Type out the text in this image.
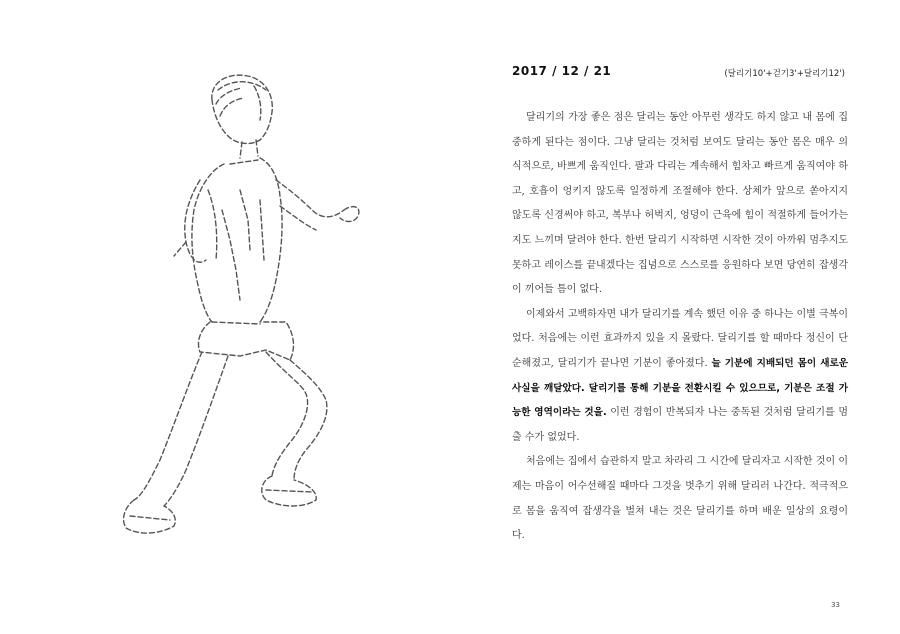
2017 / 12 / 21	(달리기10'+걷기3'+달리기12')

달리기의 가장 좋은 점은 달리는 동안 아무런 생각도 하지 않고 내 몸에 집중하게 된다는 점이다. 그냥 달리는 것처럼 보여도 달리는 동안 몸은 매우 의식적으로, 바쁘게 움직인다. 팔과 다리는 계속해서 힘차고 빠르게 움직여야 하고, 호흡이 엉키지 않도록 일정하게 조절해야 한다. 상체가 앞으로 쏟아지지 않도록 신경써야 하고, 복부나 허벅지, 엉덩이 근육에 힘이 적절하게 들어가는지도 느끼며 달려야 한다. 한번 달리기 시작하면 시작한 것이 아까워 멈추지도 못하고 레이스를 끝내겠다는 집념으로 스스로를 응원하다 보면 당연히 잡생각이 끼어들 틈이 없다.

이제와서 고백하자면 내가 달리기를 계속 했던 이유 중 하나는 이별 극복이었다. 처음에는 이런 효과까지 있을 지 몰랐다. 달리기를 할 때마다 정신이 단순해졌고, 달리기가 끝나면 기분이 좋아졌다. 늘 기분에 지배되던 몸이 새로운 사실을 깨달았다. 달리기를 통해 기분을 전환시킬 수 있으므로, 기분은 조절 가능한 영역이라는 것을. 이런 경험이 반복되자 나는 중독된 것처럼 달리기를 멈출 수가 없었다.

처음에는 집에서 습관하지 말고 차라리 그 시간에 달리자고 시작한 것이 이제는 마음이 어수선해질 때마다 그것을 벗추기 위해 달리러 나간다. 적극적으로 몸을 움직여 잡생각을 벌쳐 내는 것은 달리기를 하며 배운 일상의 요령이다.

33
